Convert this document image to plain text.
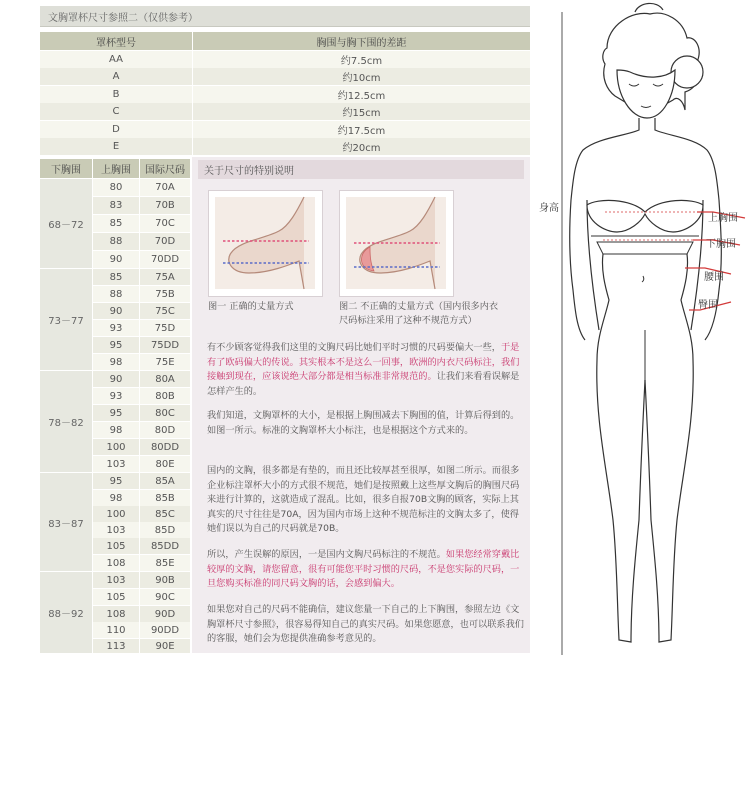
文胸罩杯尺寸参照二（仅供参考）
罩杯型号	胸围与胸下围的差距
AA	约7.5cm
A	约10cm
B	约12.5cm
C	约15cm
D	约17.5cm
E	约20cm
下胸围	上胸围	国际尺码
68－72
80	70A
83	70B
85	70C
88	70D
90	70DD
73－77
85	75A
88	75B
90	75C
93	75D
95	75DD
98	75E
78－82
90	80A
93	80B
95	80C
98	80D
100	80DD
103	80E
83－87
95	85A
98	85B
100	85C
103	85D
105	85DD
108	85E
88－92
103	90B
105	90C
108	90D
110	90DD
113	90E
关于尺寸的特别说明
图一 正确的丈量方式	图二 不正确的丈量方式（国内很多内衣尺码标注采用了这种不规范方式）
有不少顾客觉得我们这里的文胸尺码比她们平时习惯的尺码要偏大一些，于是有了欧码偏大的传说。其实根本不是这么一回事，欧洲的内衣尺码标注，我们接触到现在，应该说绝大部分都是相当标准非常规范的。让我们来看看误解是怎样产生的。
我们知道，文胸罩杯的大小，是根据上胸围减去下胸围的值，计算后得到的。如图一所示。标准的文胸罩杯大小标注，也是根据这个方式来的。
国内的文胸，很多都是有垫的，而且还比较厚甚至很厚，如图二所示。而很多企业标注罩杯大小的方式很不规范，她们是按照戴上这些厚文胸后的胸围尺码来进行计算的，这就造成了混乱。比如，很多自报70B文胸的顾客，实际上其真实的尺寸往往是70A，因为国内市场上这种不规范标注的文胸太多了，使得她们误以为自己的尺码就是70B。
所以，产生误解的原因，一是国内文胸尺码标注的不规范。如果您经常穿戴比较厚的文胸，请您留意，很有可能您平时习惯的尺码，不是您实际的尺码，一旦您购买标准的同尺码文胸的话，会感到偏大。
如果您对自己的尺码不能确信，建议您量一下自己的上下胸围，参照左边《文胸罩杯尺寸参照》，很容易得知自己的真实尺码。如果您愿意，也可以联系我们的客服，她们会为您提供准确参考意见的。
身高
上胸围
下胸围
腰围
臀围
